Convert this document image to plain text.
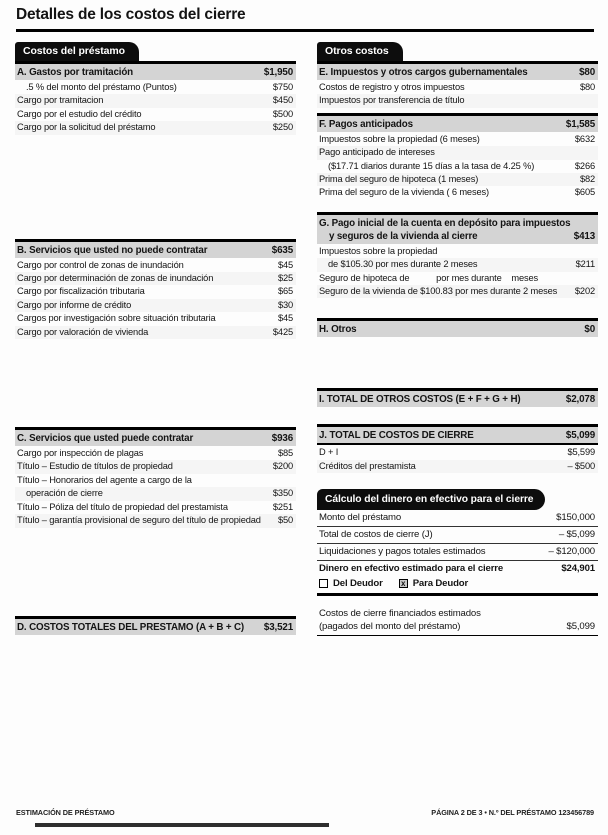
Detalles de los costos del cierre
Costos del préstamo
A. Gastos por tramitación	$1,950
.5 % del monto del préstamo (Puntos)	$750
Cargo por tramitacion	$450
Cargo por el estudio del crédito	$500
Cargo por la solicitud del préstamo	$250
B. Servicios que usted no puede contratar	$635
Cargo por control de zonas de inundación	$45
Cargo por determinación de zonas de inundación	$25
Cargo por fiscalización tributaria	$65
Cargo por informe de crédito	$30
Cargos por investigación sobre situación tributaria	$45
Cargo por valoración de vivienda	$425
C. Servicios que usted puede contratar	$936
Cargo por inspección de plagas	$85
Título – Estudio de títulos de propiedad	$200
Título – Honorarios del agente a cargo de la
operación de cierre	$350
Título – Póliza del título de propiedad del prestamista	$251
Título – garantía provisional de seguro del título de propiedad $50
D. COSTOS TOTALES DEL PRESTAMO (A + B + C) $3,521
Otros costos
E. Impuestos y otros cargos gubernamentales	$80
Costos de registro y otros impuestos	$80
Impuestos por transferencia de título
F. Pagos anticipados	$1,585
Impuestos sobre la propiedad (6 meses)	$632
Pago anticipado de intereses
($17.71 diarios durante 15 días a la tasa de 4.25 %)	$266
Prima del seguro de hipoteca (1 meses)	$82
Prima del seguro de la vivienda ( 6 meses)	$605
G. Pago inicial de la cuenta en depósito para impuestos
y seguros de la vivienda al cierre	$413
Impuestos sobre la propiedad
de $105.30 por mes durante 2 meses	$211
Seguro de hipoteca de           por mes durante    meses
Seguro de la vivienda de $100.83 por mes durante 2 meses $202
H. Otros	$0
I. TOTAL DE OTROS COSTOS (E + F + G + H)	$2,078
J. TOTAL DE COSTOS DE CIERRE	$5,099
D + I	$5,599
Créditos del prestamista	– $500
Cálculo del dinero en efectivo para el cierre
Monto del préstamo	$150,000
Total de costos de cierre (J)	– $5,099
Liquidaciones y pagos totales estimados	– $120,000
Dinero en efectivo estimado para el cierre	$24,901
Del Deudor x Para Deudor
Costos de cierre financiados estimados
(pagados del monto del préstamo)	$5,099
ESTIMACIÓN DE PRÉSTAMO	PÁGINA 2 DE 3 • N.º DEL PRÉSTAMO 123456789
